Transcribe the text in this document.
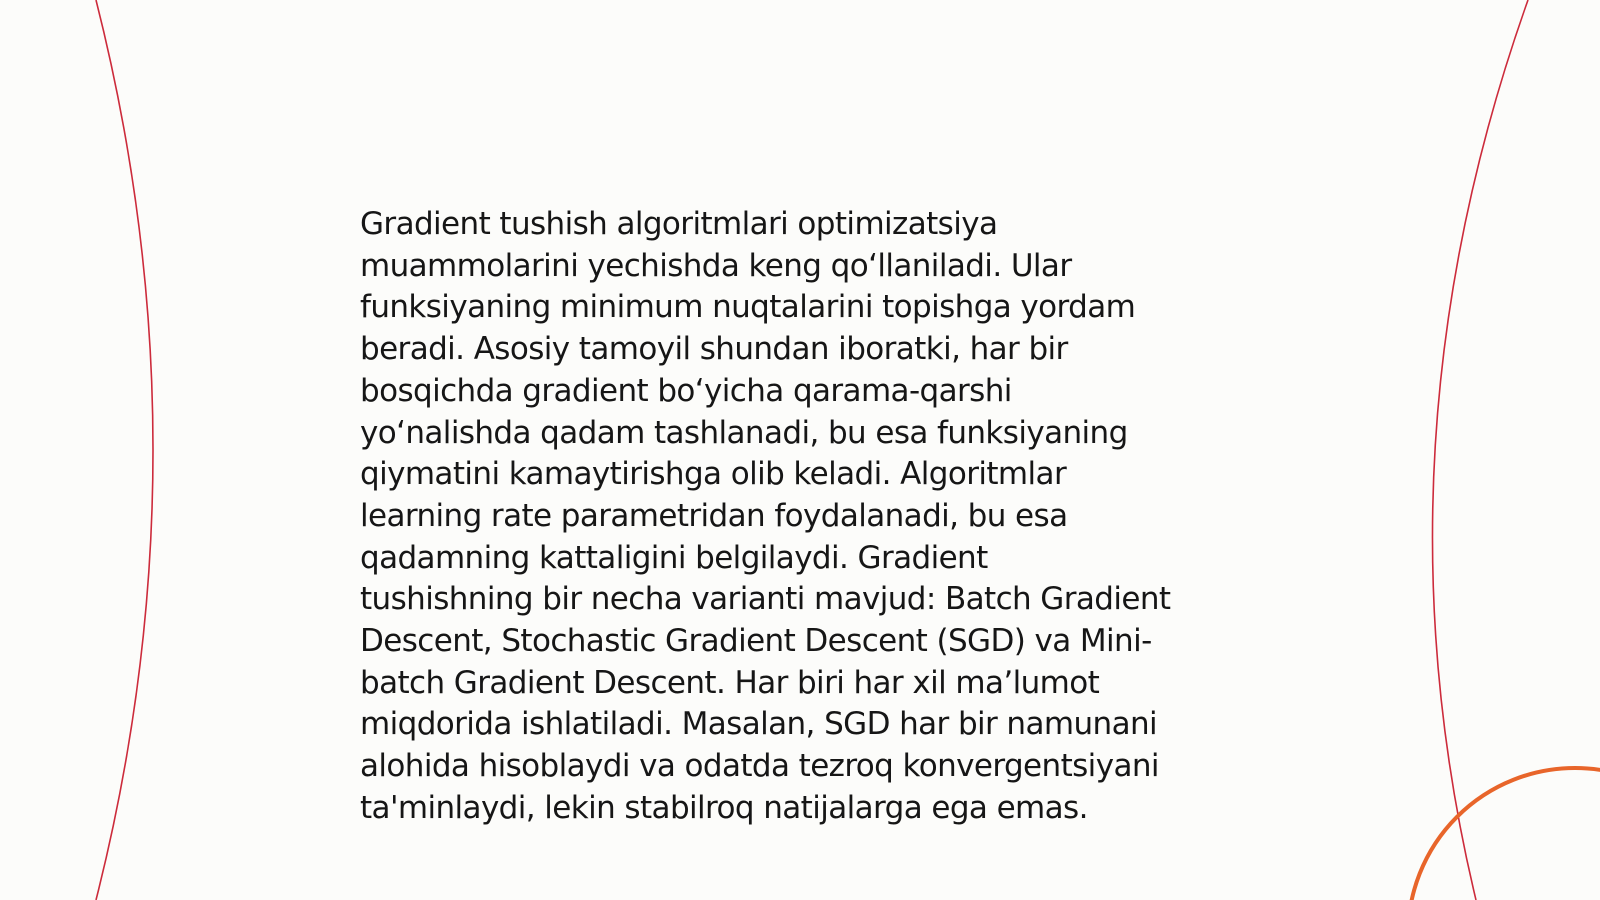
Gradient tushish algoritmlari optimizatsiya
muammolarini yechishda keng qo‘llaniladi. Ular
funksiyaning minimum nuqtalarini topishga yordam
beradi. Asosiy tamoyil shundan iboratki, har bir
bosqichda gradient bo‘yicha qarama-qarshi
yo‘nalishda qadam tashlanadi, bu esa funksiyaning
qiymatini kamaytirishga olib keladi. Algoritmlar
learning rate parametridan foydalanadi, bu esa
qadamning kattaligini belgilaydi. Gradient
tushishning bir necha varianti mavjud: Batch Gradient
Descent, Stochastic Gradient Descent (SGD) va Mini-
batch Gradient Descent. Har biri har xil ma’lumot
miqdorida ishlatiladi. Masalan, SGD har bir namunani
alohida hisoblaydi va odatda tezroq konvergentsiyani
ta'minlaydi, lekin stabilroq natijalarga ega emas.
